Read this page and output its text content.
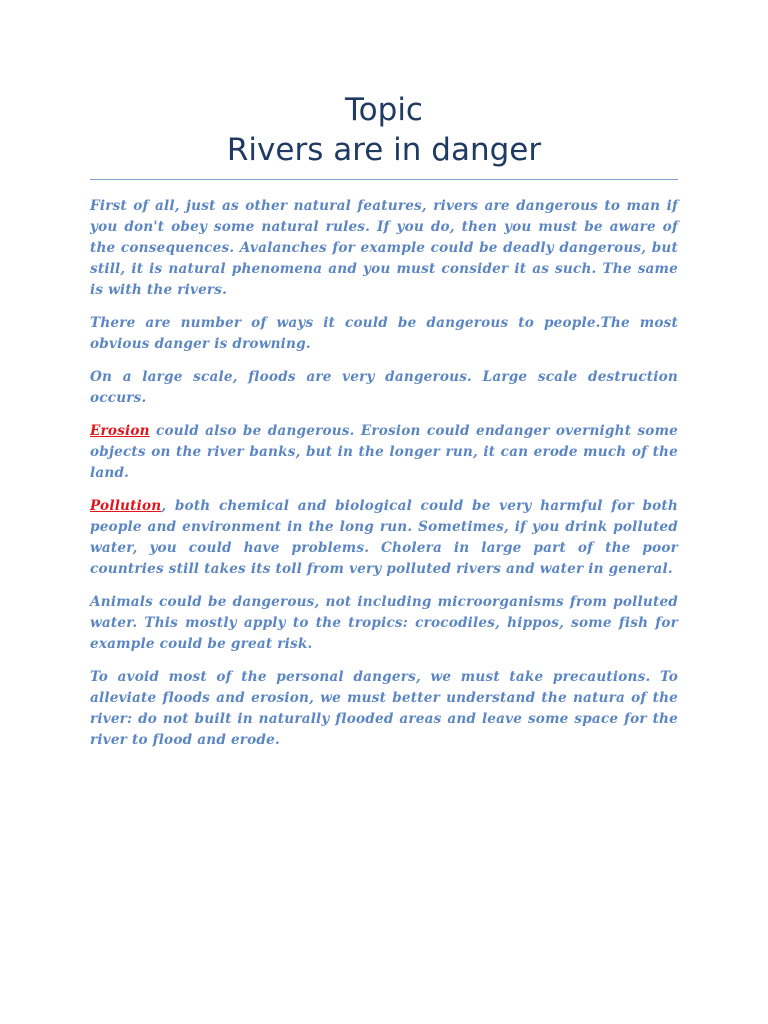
Topic
Rivers are in danger

First of all, just as other natural features, rivers are dangerous to man if you don't obey some natural rules. If you do, then you must be aware of the consequences. Avalanches for example could be deadly dangerous, but still, it is natural phenomena and you must consider it as such. The same is with the rivers.

There are number of ways it could be dangerous to people.The most obvious danger is drowning.

On a large scale, floods are very dangerous. Large scale destruction occurs.

Erosion could also be dangerous. Erosion could endanger overnight some objects on the river banks, but in the longer run, it can erode much of the land.

Pollution, both chemical and biological could be very harmful for both people and environment in the long run. Sometimes, if you drink polluted water, you could have problems. Cholera in large part of the poor countries still takes its toll from very polluted rivers and water in general.

Animals could be dangerous, not including microorganisms from polluted water. This mostly apply to the tropics: crocodiles, hippos, some fish for example could be great risk.

To avoid most of the personal dangers, we must take precautions. To alleviate floods and erosion, we must better understand the natura of the river: do not built in naturally flooded areas and leave some space for the river to flood and erode.
